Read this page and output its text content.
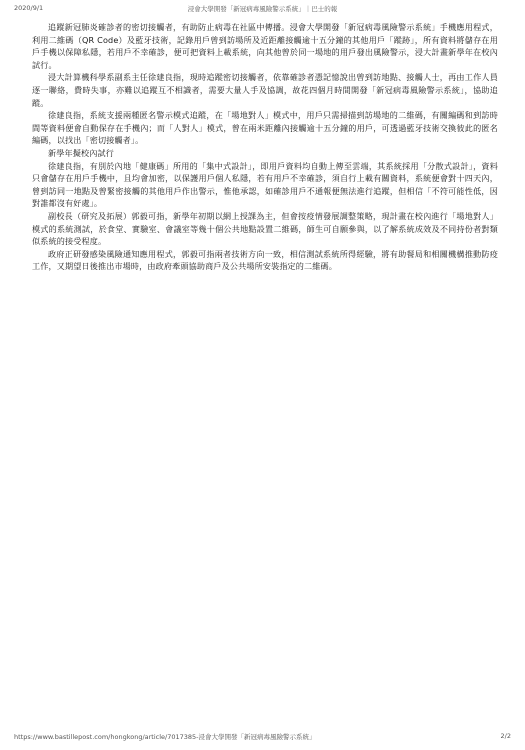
2020/9/1	浸會大學開發「新冠病毒風險警示系統」｜巴士的報

追蹤新冠肺炎確診者的密切接觸者，有助防止病毒在社區中傳播。浸會大學開發「新冠病毒風險警示系統」手機應用程式，利用二維碼（QR Code）及藍牙技術，記錄用戶曾到訪場所及近距離接觸逾十五分鐘的其他用戶「蹤跡」，所有資料將儲存在用戶手機以保障私隱，若用戶不幸確診，便可把資料上載系統，向其他曾於同一場地的用戶發出風險警示，浸大計畫新學年在校內試行。

浸大計算機科學系副系主任徐建良指，現時追蹤密切接觸者，依靠確診者憑記憶說出曾到訪地點、接觸人士，再由工作人員逐一聯絡，費時失事，亦難以追蹤互不相識者，需要大量人手及協調，故花四個月時間開發「新冠病毒風險警示系統」，協助追蹤。

徐建良指，系統支援兩種匿名警示模式追蹤，在「場地對人」模式中，用戶只需掃描到訪場地的二維碼，有關編碼和到訪時間等資料便會自動保存在手機內；而「人對人」模式，曾在兩米距離內接觸逾十五分鐘的用戶，可透過藍牙技術交換彼此的匿名編碼，以找出「密切接觸者」。

新學年擬校內試行

徐建良指，有別於內地「健康碼」所用的「集中式設計」，即用戶資料均自動上傳至雲端，其系統採用「分散式設計」，資料只會儲存在用戶手機中，且均會加密，以保護用戶個人私隱，若有用戶不幸確診，須自行上載有關資料，系統便會對十四天內，曾到訪同一地點及曾緊密接觸的其他用戶作出警示，惟他承認，如確診用戶不通報便無法進行追蹤，但相信「不符可能性低，因對誰都沒有好處」。

副校長（研究及拓展）郭毅可指，新學年初期以網上授課為主，但會按疫情發展調整策略，現計畫在校內進行「場地對人」模式的系統測試，於食堂、實驗室、會議室等幾十個公共地點設置二維碼，師生可自願參與，以了解系統成效及不同持份者對類似系統的接受程度。

政府正研發感染風險通知應用程式，郭毅可指兩者技術方向一致，相信測試系統所得經驗，將有助餐局和相關機構推動防疫工作，又期望日後推出市場時，由政府牽頭協助商戶及公共場所安裝指定的二維碼。

https://www.bastillepost.com/hongkong/article/7017385-浸會大學開發「新冠病毒風險警示系統」	2/2
